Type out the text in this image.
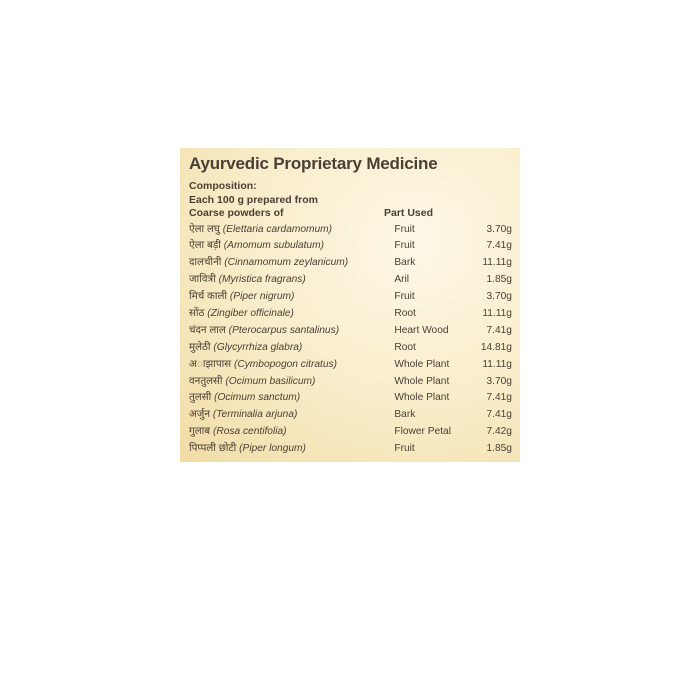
Ayurvedic Proprietary Medicine
Composition:
Each 100 g prepared from
Coarse powders of	Part Used
ऐला लघु (Elettaria cardamomum)	Fruit	3.70g
ऐला बड़ी (Amomum subulatum)	Fruit	7.41g
दालचीनी (Cinnamomum zeylanicum)	Bark	11.11g
जावित्री (Myristica fragrans)	Aril	1.85g
मिर्च काली (Piper nigrum)	Fruit	3.70g
सोंठ (Zingiber officinale)	Root	11.11g
चंदन लाल (Pterocarpus santalinus)	Heart Wood	7.41g
मुलेठी (Glycyrrhiza glabra)	Root	14.81g
अाझापास (Cymbopogon citratus)	Whole Plant	11.11g
वनतुलसी (Ocimum basilicum)	Whole Plant	3.70g
तुलसी (Ocimum sanctum)	Whole Plant	7.41g
अर्जुन (Terminalia arjuna)	Bark	7.41g
गुलाब (Rosa centifolia)	Flower Petal	7.42g
पिप्पली छोटी (Piper longum)	Fruit	1.85g
